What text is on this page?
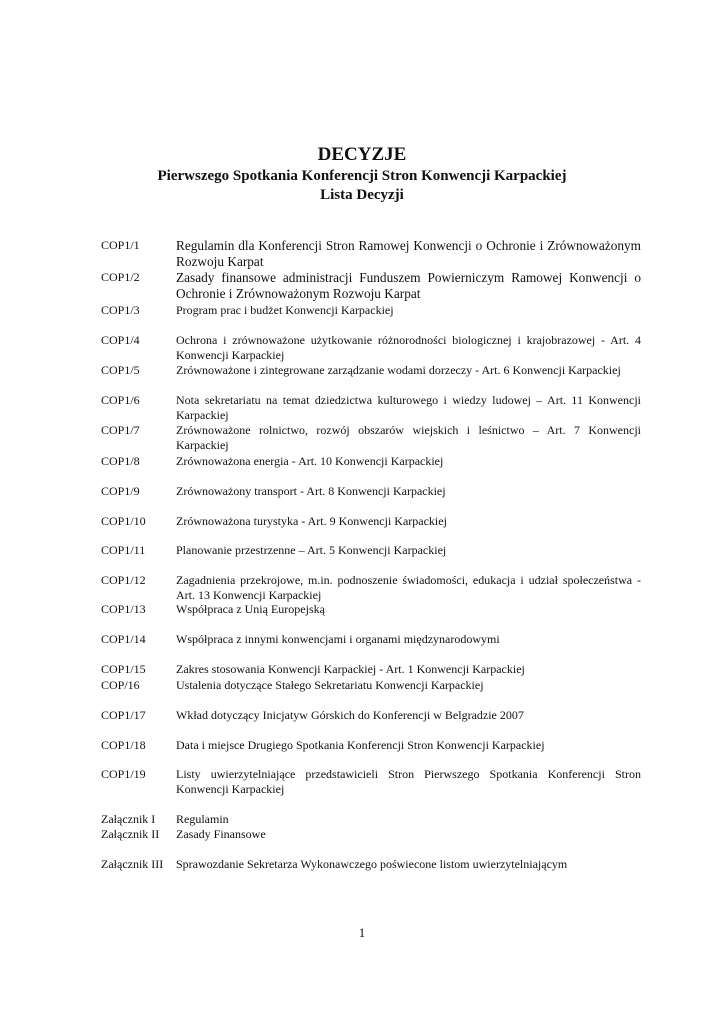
DECYZJE
Pierwszego Spotkania Konferencji Stron Konwencji Karpackiej
Lista Decyzji
COP1/1	Regulamin dla Konferencji Stron Ramowej Konwencji o Ochronie i Zrównoważonym Rozwoju Karpat
COP1/2	Zasady finansowe administracji Funduszem Powierniczym Ramowej Konwencji o Ochronie i Zrównoważonym Rozwoju Karpat
COP1/3	Program prac i budżet Konwencji Karpackiej
COP1/4	Ochrona i zrównoważone użytkowanie różnorodności biologicznej i krajobrazowej - Art. 4 Konwencji Karpackiej
COP1/5	Zrównoważone i zintegrowane zarządzanie wodami dorzeczy - Art. 6 Konwencji Karpackiej
COP1/6	Nota sekretariatu na temat dziedzictwa kulturowego i wiedzy ludowej – Art. 11 Konwencji Karpackiej
COP1/7	Zrównoważone rolnictwo, rozwój obszarów wiejskich i leśnictwo – Art. 7 Konwencji Karpackiej
COP1/8	Zrównoważona energia - Art. 10 Konwencji Karpackiej
COP1/9	Zrównoważony transport - Art. 8 Konwencji Karpackiej
COP1/10	Zrównoważona turystyka - Art. 9 Konwencji Karpackiej
COP1/11	Planowanie przestrzenne – Art. 5 Konwencji Karpackiej
COP1/12	Zagadnienia przekrojowe, m.in. podnoszenie świadomości, edukacja i udział społeczeństwa - Art. 13 Konwencji Karpackiej
COP1/13	Współpraca z Unią Europejską
COP1/14	Współpraca z innymi konwencjami i organami międzynarodowymi
COP1/15	Zakres stosowania Konwencji Karpackiej - Art. 1 Konwencji Karpackiej
COP/16	Ustalenia dotyczące Stałego Sekretariatu Konwencji Karpackiej
COP1/17	Wkład dotyczący Inicjatyw Górskich do Konferencji w Belgradzie 2007
COP1/18	Data i miejsce Drugiego Spotkania Konferencji Stron Konwencji Karpackiej
COP1/19	Listy uwierzytelniające przedstawicieli Stron Pierwszego Spotkania Konferencji Stron Konwencji Karpackiej
Załącznik I	Regulamin
Załącznik II	Zasady Finansowe
Załącznik III	Sprawozdanie Sekretarza Wykonawczego poświecone listom uwierzytelniającym
1
